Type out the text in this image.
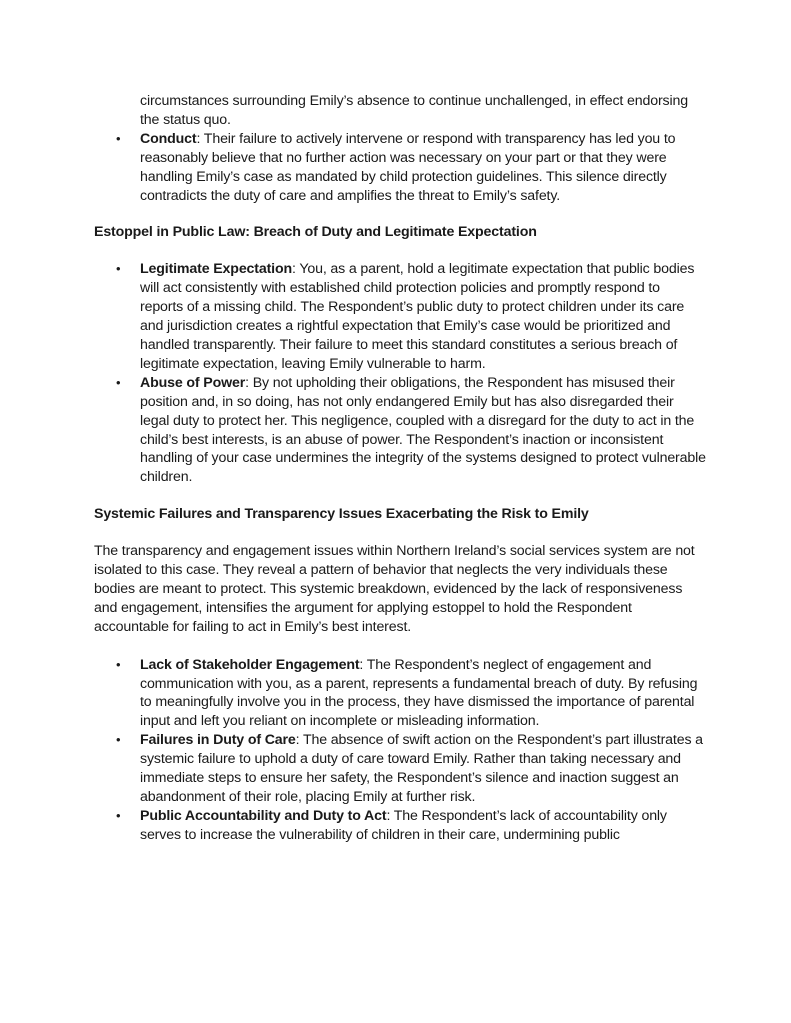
circumstances surrounding Emily’s absence to continue unchallenged, in effect endorsing the status quo.

• Conduct: Their failure to actively intervene or respond with transparency has led you to reasonably believe that no further action was necessary on your part or that they were handling Emily’s case as mandated by child protection guidelines. This silence directly contradicts the duty of care and amplifies the threat to Emily’s safety.
Estoppel in Public Law: Breach of Duty and Legitimate Expectation
• Legitimate Expectation: You, as a parent, hold a legitimate expectation that public bodies will act consistently with established child protection policies and promptly respond to reports of a missing child. The Respondent’s public duty to protect children under its care and jurisdiction creates a rightful expectation that Emily’s case would be prioritized and handled transparently. Their failure to meet this standard constitutes a serious breach of legitimate expectation, leaving Emily vulnerable to harm.
• Abuse of Power: By not upholding their obligations, the Respondent has misused their position and, in so doing, has not only endangered Emily but has also disregarded their legal duty to protect her. This negligence, coupled with a disregard for the duty to act in the child’s best interests, is an abuse of power. The Respondent’s inaction or inconsistent handling of your case undermines the integrity of the systems designed to protect vulnerable children.
Systemic Failures and Transparency Issues Exacerbating the Risk to Emily

The transparency and engagement issues within Northern Ireland’s social services system are not isolated to this case. They reveal a pattern of behavior that neglects the very individuals these bodies are meant to protect. This systemic breakdown, evidenced by the lack of responsiveness and engagement, intensifies the argument for applying estoppel to hold the Respondent accountable for failing to act in Emily’s best interest.

• Lack of Stakeholder Engagement: The Respondent’s neglect of engagement and communication with you, as a parent, represents a fundamental breach of duty. By refusing to meaningfully involve you in the process, they have dismissed the importance of parental input and left you reliant on incomplete or misleading information.
• Failures in Duty of Care: The absence of swift action on the Respondent’s part illustrates a systemic failure to uphold a duty of care toward Emily. Rather than taking necessary and immediate steps to ensure her safety, the Respondent’s silence and inaction suggest an abandonment of their role, placing Emily at further risk.
• Public Accountability and Duty to Act: The Respondent’s lack of accountability only serves to increase the vulnerability of children in their care, undermining public
